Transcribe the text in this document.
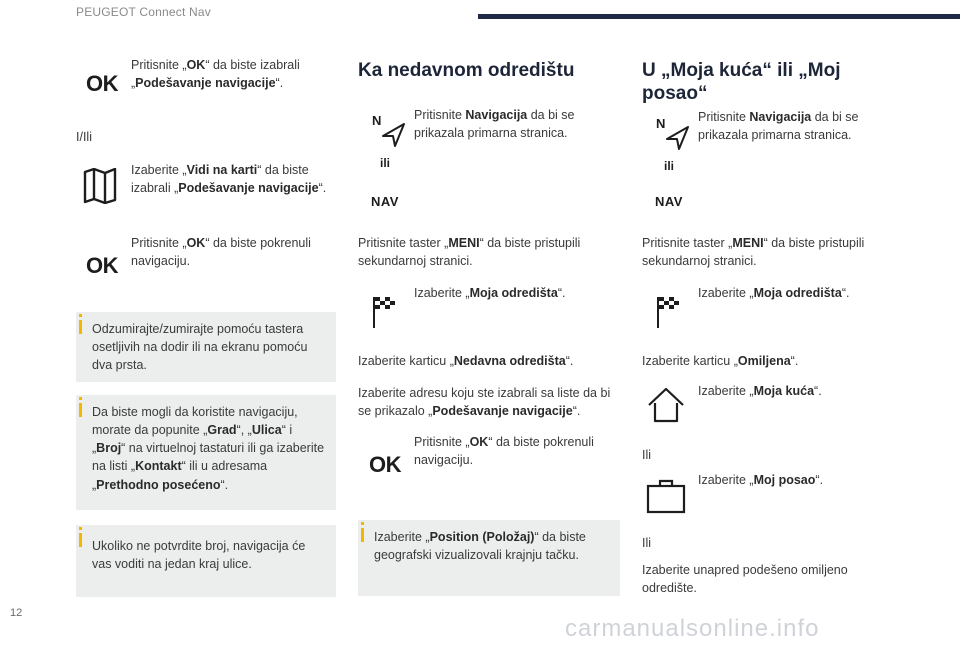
PEUGEOT Connect Nav
OK
Pritisnite „OK“ da biste izabrali „Podešavanje navigacije“.
I/Ili
Izaberite „Vidi na karti“ da biste izabrali „Podešavanje navigacije“.
OK
Pritisnite „OK“ da biste pokrenuli navigaciju.
Odzumirajte/zumirajte pomoću tastera osetljivih na dodir ili na ekranu pomoću dva prsta.
Da biste mogli da koristite navigaciju, morate da popunite „Grad“, „Ulica“ i „Broj“ na virtuelnoj tastaturi ili ga izaberite na listi „Kontakt“ ili u adresama „Prethodno posećeno“.
Ukoliko ne potvrdite broj, navigacija će vas voditi na jedan kraj ulice.
Ka nedavnom odredištu
N
ili
NAV
Pritisnite Navigacija da bi se prikazala primarna stranica.
Pritisnite taster „MENI“ da biste pristupili sekundarnoj stranici.
Izaberite „Moja odredišta“.
Izaberite karticu „Nedavna odredišta“.
Izaberite adresu koju ste izabrali sa liste da bi se prikazalo „Podešavanje navigacije“.
OK
Pritisnite „OK“ da biste pokrenuli navigaciju.
Izaberite „Position (Položaj)“ da biste geografski vizualizovali krajnju tačku.
U „Moja kuća“ ili „Moj
posao“
N
ili
NAV
Pritisnite Navigacija da bi se prikazala primarna stranica.
Pritisnite taster „MENI“ da biste pristupili sekundarnoj stranici.
Izaberite „Moja odredišta“.
Izaberite karticu „Omiljena“.
Izaberite „Moja kuća“.
Ili
Izaberite „Moj posao“.
Ili
Izaberite unapred podešeno omiljeno odredište.
12
carmanualsonline.info
